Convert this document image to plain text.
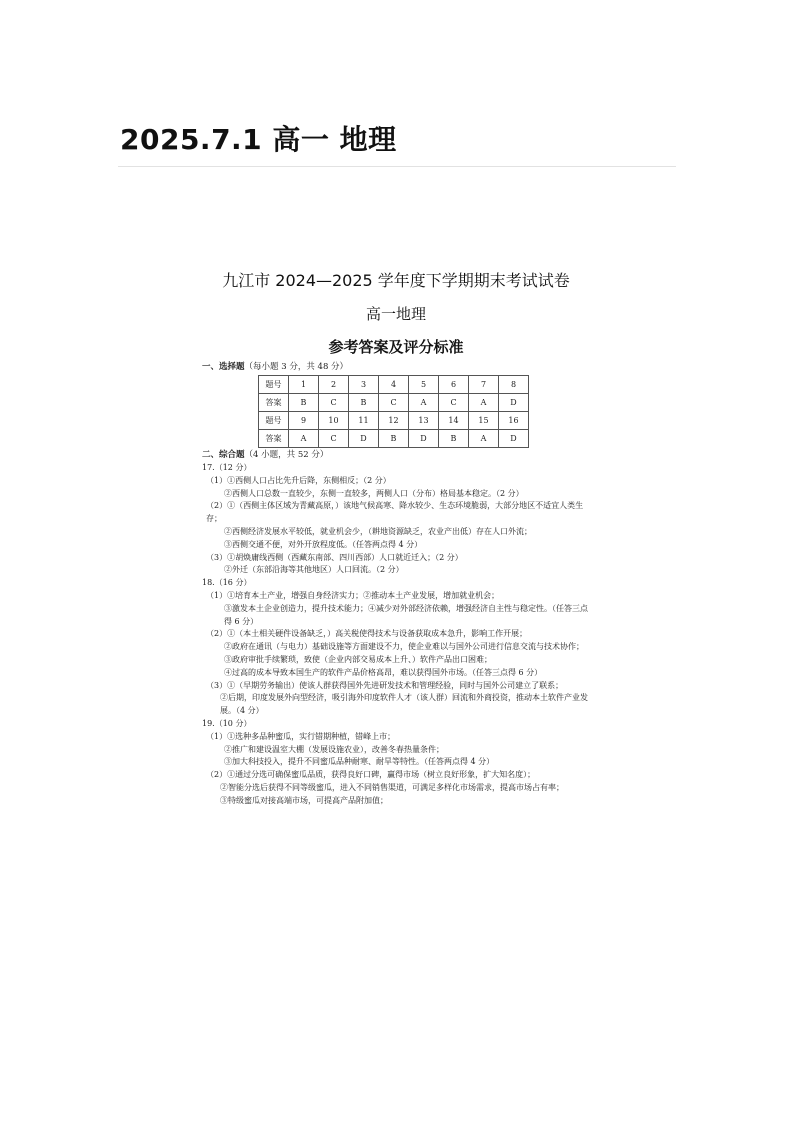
2025.7.1 高一 地理
九江市 2024—2025 学年度下学期期末考试试卷
高一地理
参考答案及评分标准

一、选择题（每小题 3 分，共 48 分）

题号	1	2	3	4	5	6	7	8
答案	B	C	B	C	A	C	A	D
题号	9	10	11	12	13	14	15	16
答案	A	C	D	B	D	B	A	D

二、综合题（4 小题，共 52 分）

17.（12 分）

（1）①西侧人口占比先升后降，东侧相反；（2 分）

②西侧人口总数一直较少，东侧一直较多，两侧人口（分布）格局基本稳定。（2 分）

（2）①（西侧主体区域为青藏高原，）该地气候高寒、降水较少、生态环境脆弱，大部分地区不适宜人类生存；

②西侧经济发展水平较低，就业机会少，（耕地资源缺乏，农业产出低）存在人口外流；

③西侧交通不便，对外开放程度低。（任答两点得 4 分）

（3）①胡焕庸线西侧（西藏东南部、四川西部）人口就近迁入；（2 分）

②外迁（东部沿海等其他地区）人口回流。（2 分）

18.（16 分）

（1）①培育本土产业，增强自身经济实力；②推动本土产业发展，增加就业机会；

③激发本土企业创造力，提升技术能力；④减少对外部经济依赖，增强经济自主性与稳定性。（任答三点得 6 分）

（2）①（本土相关硬件设备缺乏，）高关税使得技术与设备获取成本急升，影响工作开展；

②政府在通讯（与电力）基础设施等方面建设不力，使企业难以与国外公司进行信息交流与技术协作；

③政府审批手续繁琐，致使（企业内部交易成本上升、）软件产品出口困难；

④过高的成本导致本国生产的软件产品价格高昂，难以获得国外市场。（任答三点得 6 分）

（3）①（早期劳务输出）使该人群获得国外先进研发技术和管理经验，同时与国外公司建立了联系；

②后期，印度发展外向型经济，吸引海外印度软件人才（该人群）回流和外商投资，推动本土软件产业发展。（4 分）

19.（10 分）

（1）①选种多品种蜜瓜，实行错期种植，错峰上市；

②推广和建设温室大棚（发展设施农业），改善冬春热量条件；

③加大科技投入，提升不同蜜瓜品种耐寒、耐旱等特性。（任答两点得 4 分）

（2）①通过分选可确保蜜瓜品质，获得良好口碑，赢得市场（树立良好形象，扩大知名度）；

②智能分选后获得不同等级蜜瓜，进入不同销售渠道，可满足多样化市场需求，提高市场占有率；

③特级蜜瓜对接高端市场，可提高产品附加值；
